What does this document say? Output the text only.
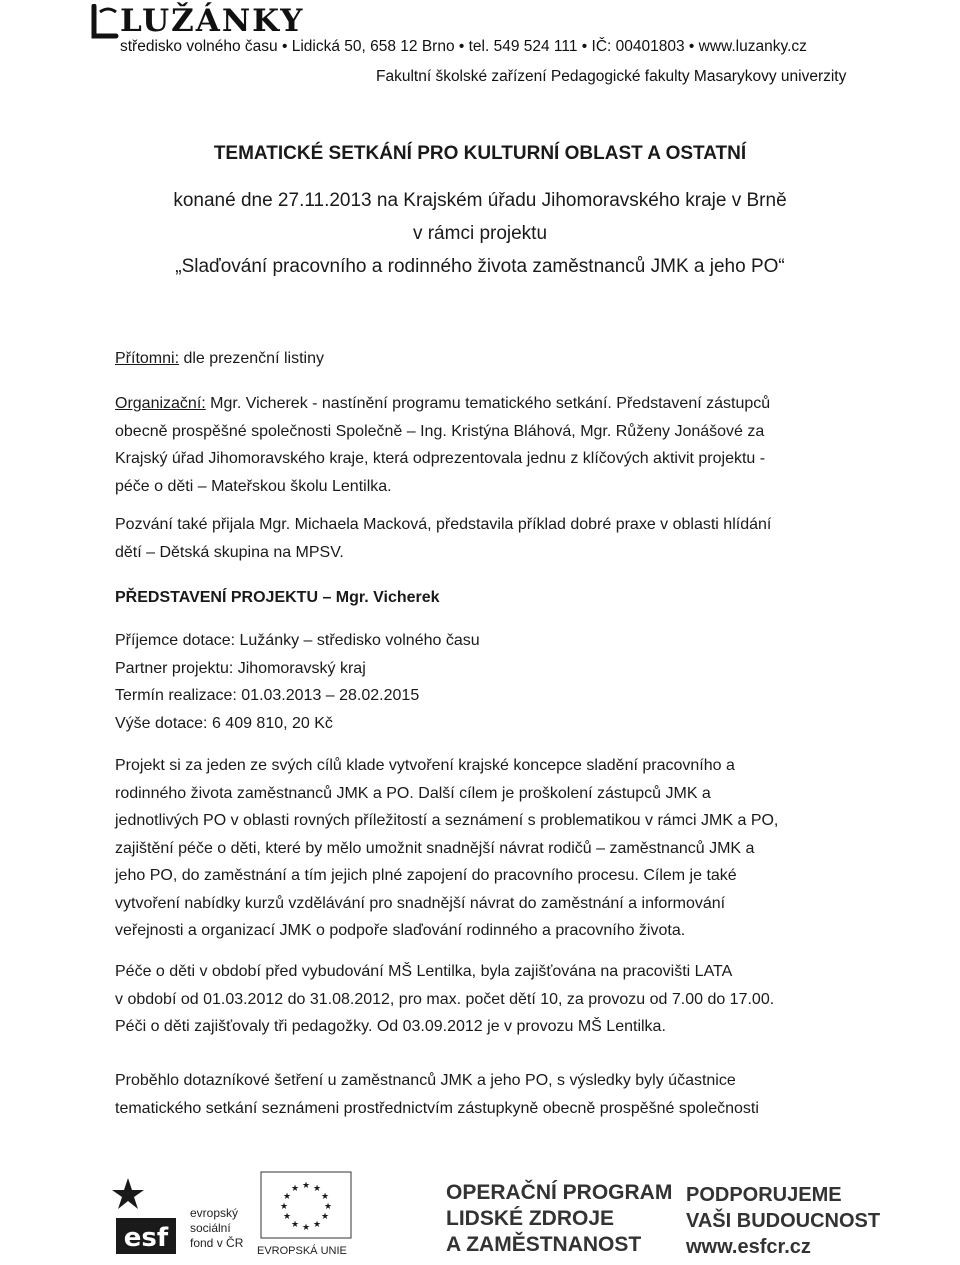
LUŽÁNKY
středisko volného času • Lidická 50, 658 12 Brno • tel. 549 524 111 • IČ: 00401803 • www.luzanky.cz
Fakultní školské zařízení Pedagogické fakulty Masarykovy univerzity
TEMATICKÉ SETKÁNÍ PRO KULTURNÍ OBLAST A OSTATNÍ
konané dne 27.11.2013 na Krajském úřadu Jihomoravského kraje v Brně
v rámci projektu
„Slaďování pracovního a rodinného života zaměstnanců JMK a jeho PO“
Přítomni: dle prezenční listiny
Organizační: Mgr. Vicherek - nastínění programu tematického setkání. Představení zástupců
obecně prospěšné společnosti Společně – Ing. Kristýna Bláhová, Mgr. Růženy Jonášové za
Krajský úřad Jihomoravského kraje, která odprezentovala jednu z klíčových aktivit projektu -
péče o děti – Mateřskou školu Lentilka.
Pozvání také přijala Mgr. Michaela Macková, představila příklad dobré praxe v oblasti hlídání
dětí – Dětská skupina na MPSV.
PŘEDSTAVENÍ PROJEKTU – Mgr. Vicherek
Příjemce dotace: Lužánky – středisko volného času
Partner projektu: Jihomoravský kraj
Termín realizace: 01.03.2013 – 28.02.2015
Výše dotace: 6 409 810, 20 Kč
Projekt si za jeden ze svých cílů klade vytvoření krajské koncepce sladění pracovního a
rodinného života zaměstnanců JMK a PO. Další cílem je proškolení zástupců JMK a
jednotlivých PO v oblasti rovných příležitostí a seznámení s problematikou v rámci JMK a PO,
zajištění péče o děti, které by mělo umožnit snadnější návrat rodičů – zaměstnanců JMK a
jeho PO, do zaměstnání a tím jejich plné zapojení do pracovního procesu. Cílem je také
vytvoření nabídky kurzů vzdělávání pro snadnější návrat do zaměstnání a informování
veřejnosti a organizací JMK o podpoře slaďování rodinného a pracovního života.
Péče o děti v období před vybudování MŠ Lentilka, byla zajišťována na pracovišti LATA
v období od 01.03.2012 do 31.08.2012, pro max. počet dětí 10, za provozu od 7.00 do 17.00.
Péči o děti zajišťovaly tři pedagožky. Od 03.09.2012 je v provozu MŠ Lentilka.
Proběhlo dotazníkové šetření u zaměstnanců JMK a jeho PO, s výsledky byly účastnice
tematického setkání seznámeni prostřednictvím zástupkyně obecně prospěšné společnosti
esf
evropský
sociální
fond v ČR
★ ★
★
★
★
★
★
★
★
★
★
★
EVROPSKÁ UNIE
OPERAČNÍ PROGRAM
LIDSKÉ ZDROJE
A ZAMĚSTNANOST
PODPORUJEME
VAŠI BUDOUCNOST
www.esfcr.cz
